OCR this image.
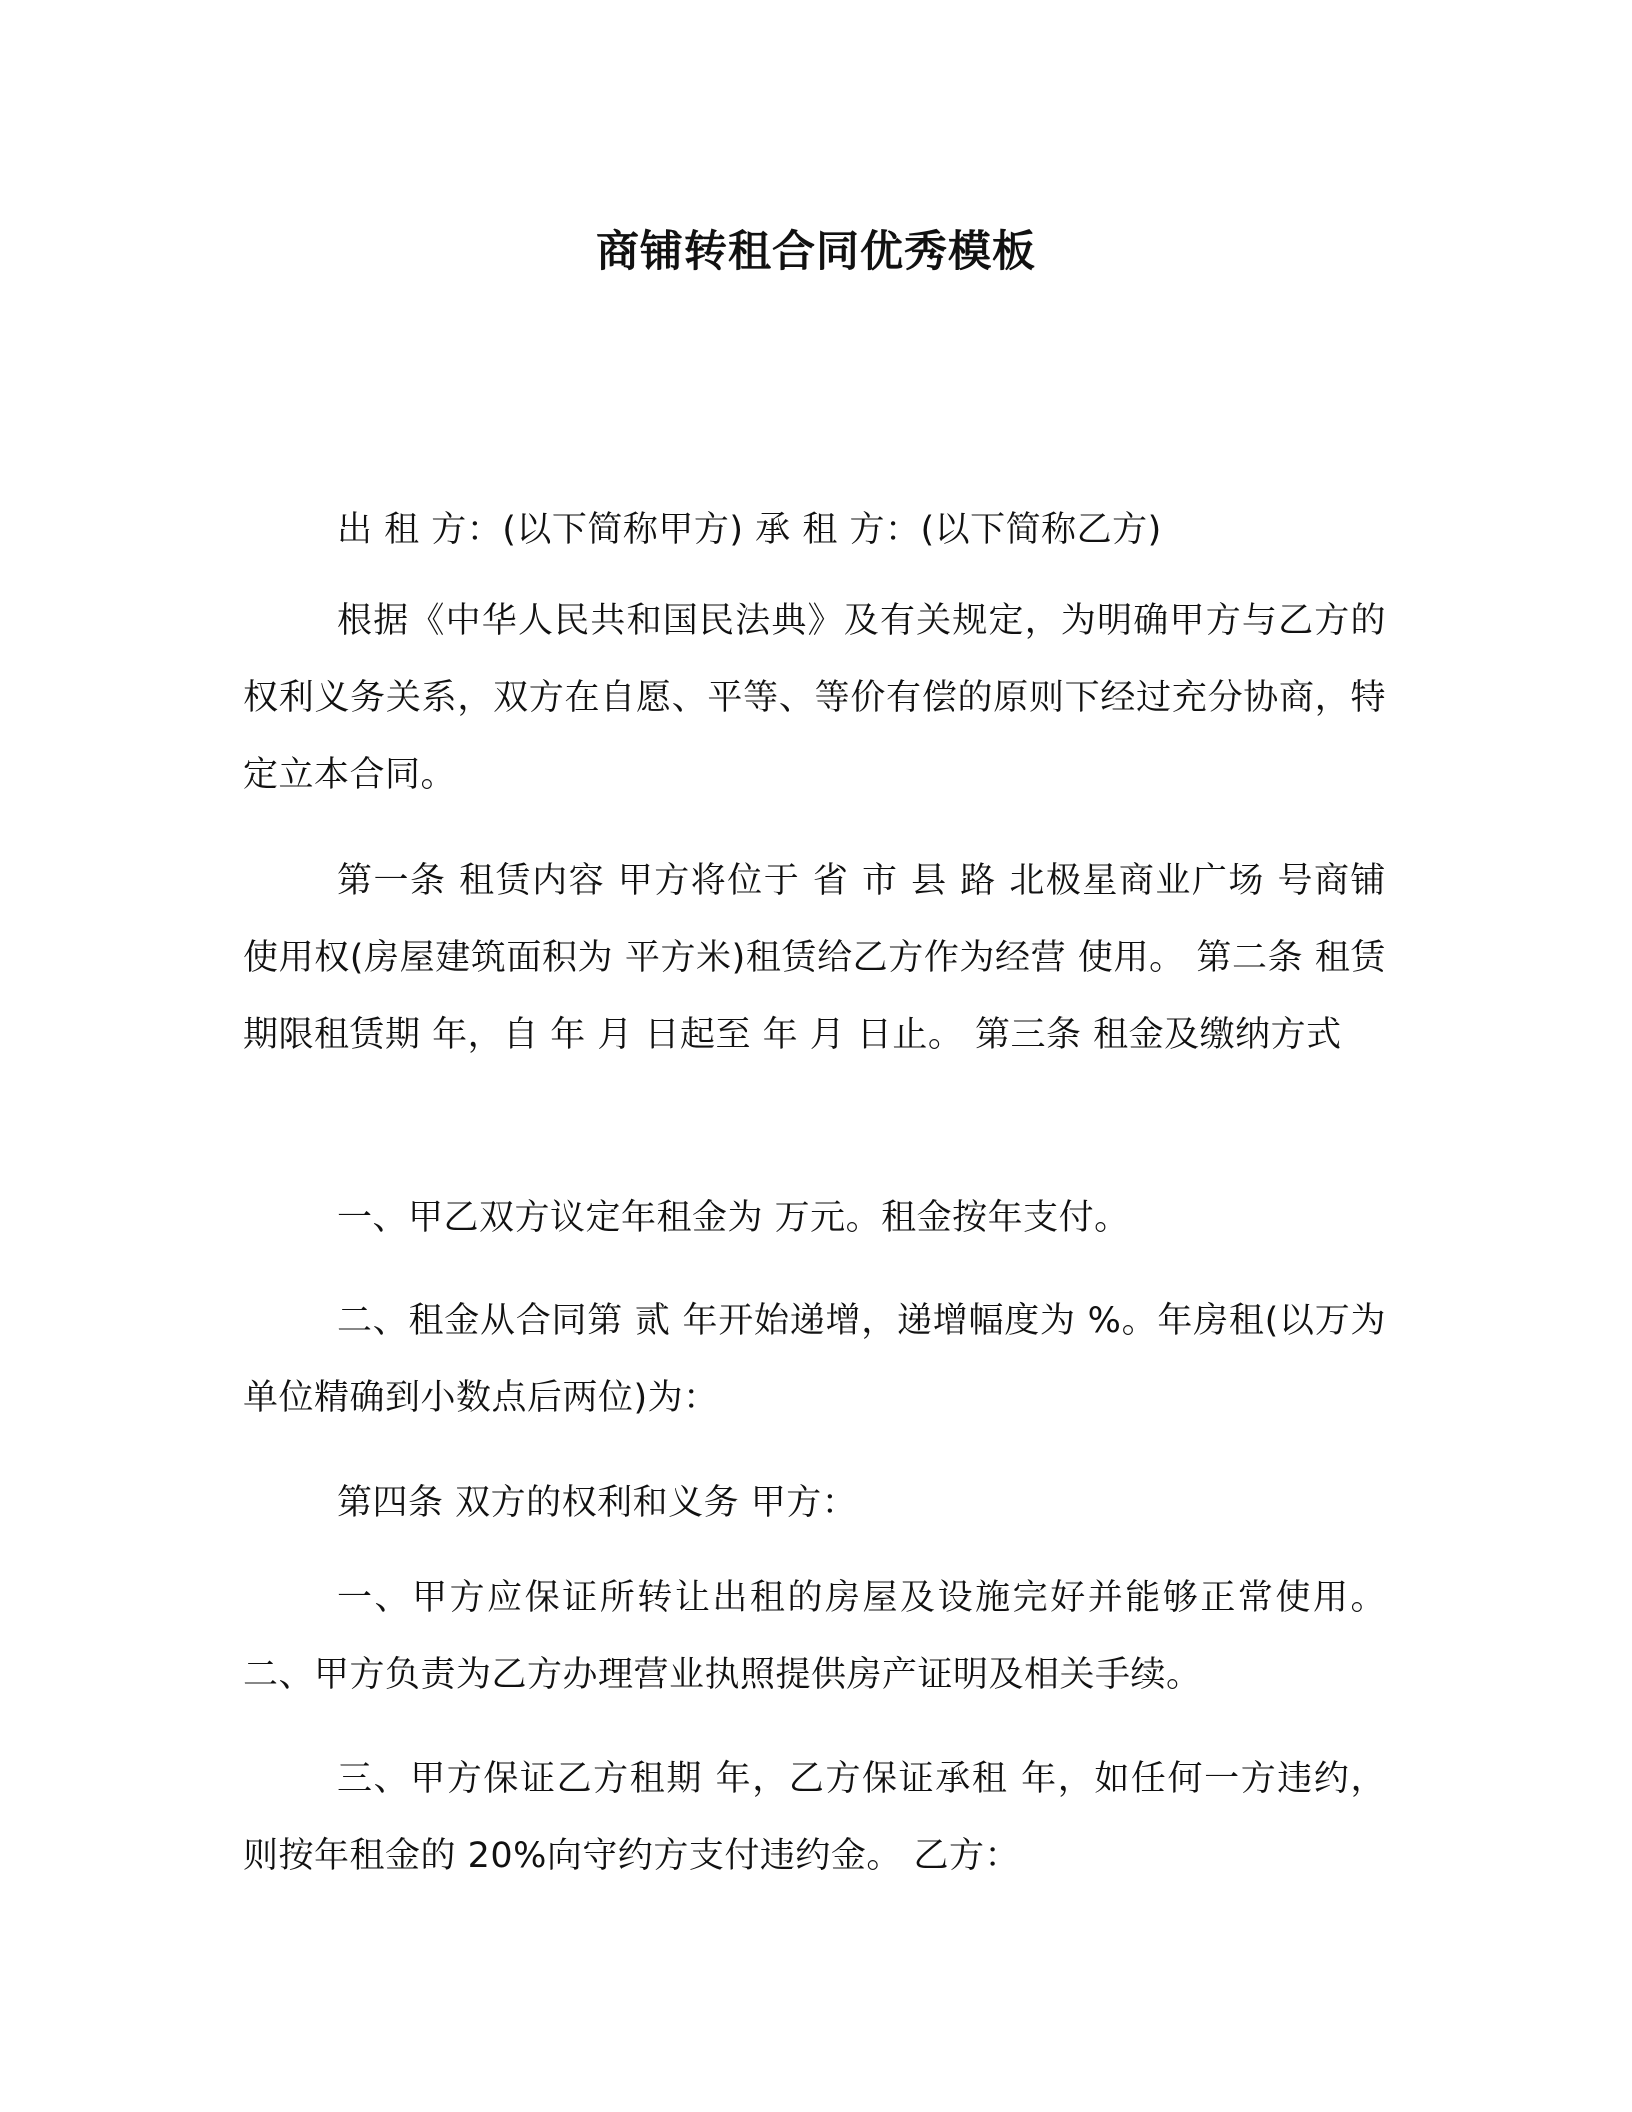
商铺转租合同优秀模板

出 租 方：(以下简称甲方) 承 租 方：(以下简称乙方)

根据《中华人民共和国民法典》及有关规定，为明确甲方与乙方的权利义务关系，双方在自愿、平等、等价有偿的原则下经过充分协商，特定立本合同。

第一条 租赁内容 甲方将位于 省 市 县 路 北极星商业广场 号商铺使用权(房屋建筑面积为 平方米)租赁给乙方作为经营 使用。 第二条 租赁期限租赁期 年，自 年 月 日起至 年 月 日止。 第三条 租金及缴纳方式

一、甲乙双方议定年租金为 万元。租金按年支付。

二、租金从合同第 贰 年开始递增，递增幅度为 %。年房租(以万为单位精确到小数点后两位)为：

第四条 双方的权利和义务 甲方：

一、甲方应保证所转让出租的房屋及设施完好并能够正常使用。 二、甲方负责为乙方办理营业执照提供房产证明及相关手续。

三、甲方保证乙方租期 年，乙方保证承租 年，如任何一方违约，则按年租金的 20%向守约方支付违约金。 乙方：
